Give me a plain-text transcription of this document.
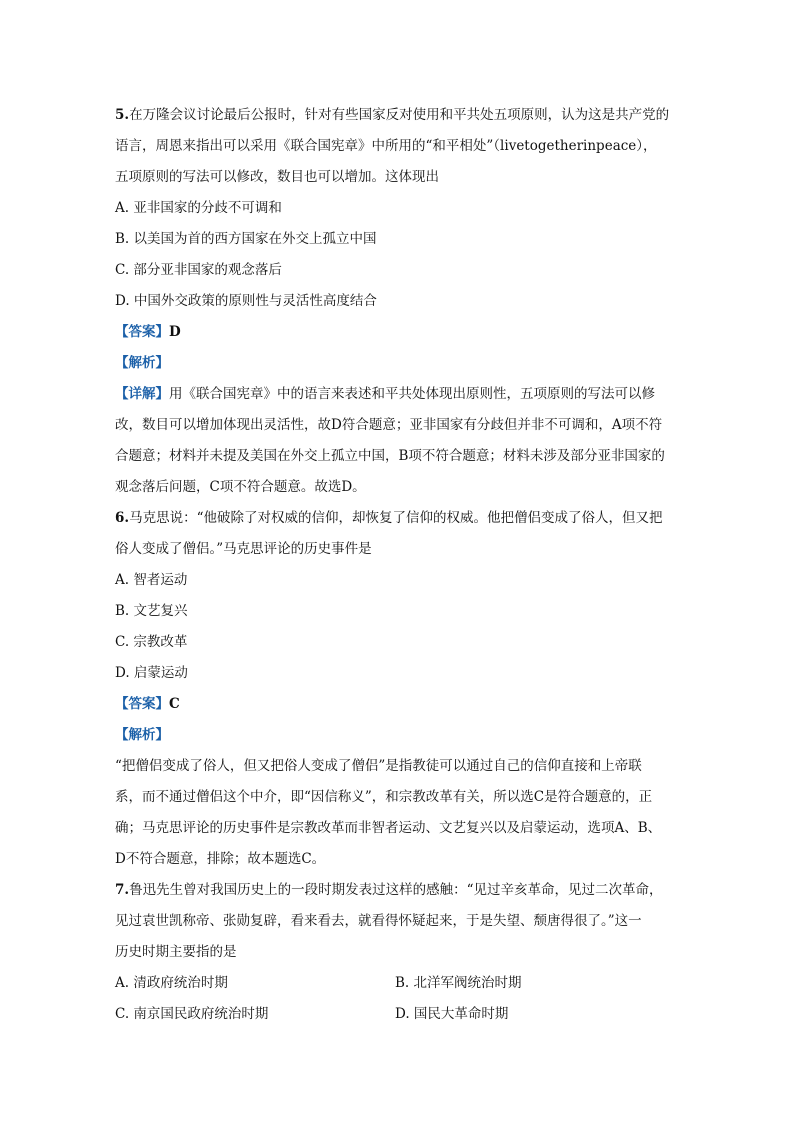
5.在万隆会议讨论最后公报时，针对有些国家反对使用和平共处五项原则，认为这是共产党的
语言，周恩来指出可以采用《联合国宪章》中所用的“和平相处”（livetogetherinpeace），
五项原则的写法可以修改，数目也可以增加。这体现出
A. 亚非国家的分歧不可调和
B. 以美国为首的西方国家在外交上孤立中国
C. 部分亚非国家的观念落后
D. 中国外交政策的原则性与灵活性高度结合
【答案】D
【解析】
【详解】用《联合国宪章》中的语言来表述和平共处体现出原则性，五项原则的写法可以修
改，数目可以增加体现出灵活性，故D符合题意；亚非国家有分歧但并非不可调和，A项不符
合题意；材料并未提及美国在外交上孤立中国，B项不符合题意；材料未涉及部分亚非国家的
观念落后问题，C项不符合题意。故选D。
6.马克思说：“他破除了对权威的信仰，却恢复了信仰的权威。他把僧侣变成了俗人，但又把
俗人变成了僧侣。”马克思评论的历史事件是
A. 智者运动
B. 文艺复兴
C. 宗教改革
D. 启蒙运动
【答案】C
【解析】
“把僧侣变成了俗人，但又把俗人变成了僧侣”是指教徒可以通过自己的信仰直接和上帝联
系，而不通过僧侣这个中介，即“因信称义”，和宗教改革有关，所以选C是符合题意的，正
确；马克思评论的历史事件是宗教改革而非智者运动、文艺复兴以及启蒙运动，选项A、B、
D不符合题意，排除；故本题选C。
7.鲁迅先生曾对我国历史上的一段时期发表过这样的感触：“见过辛亥革命，见过二次革命，
见过袁世凯称帝、张勋复辟，看来看去，就看得怀疑起来，于是失望、颓唐得很了。”这一
历史时期主要指的是
A. 清政府统治时期	B. 北洋军阀统治时期
C. 南京国民政府统治时期	D. 国民大革命时期
